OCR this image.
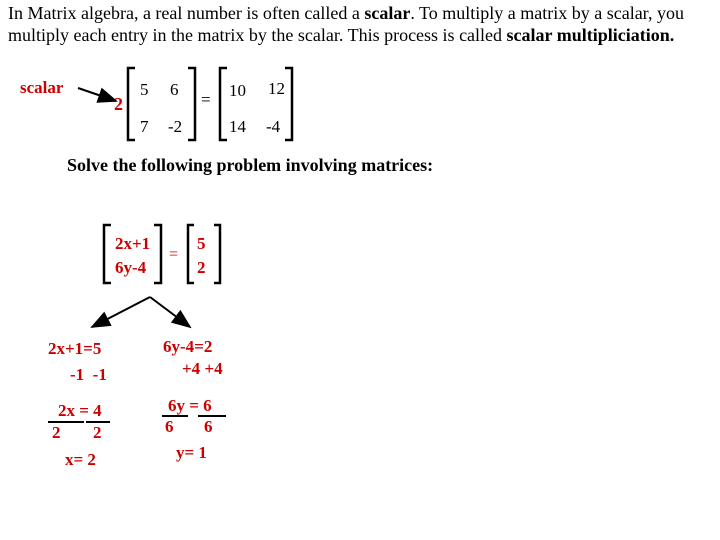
In Matrix algebra, a real number is often called a scalar. To multiply a matrix by a scalar, you multiply each entry in the matrix by the scalar. This process is called scalar multipliciation.
scalar
2
5 6
7 -2
= 10 12
14 -4
Solve the following problem involving matrices:
2x+1
6y-4
=
5
2
2x+1=5
-1  -1
2x = 4
2 2
x= 2
6y-4=2
+4 +4
6y = 6
6 6
y= 1
